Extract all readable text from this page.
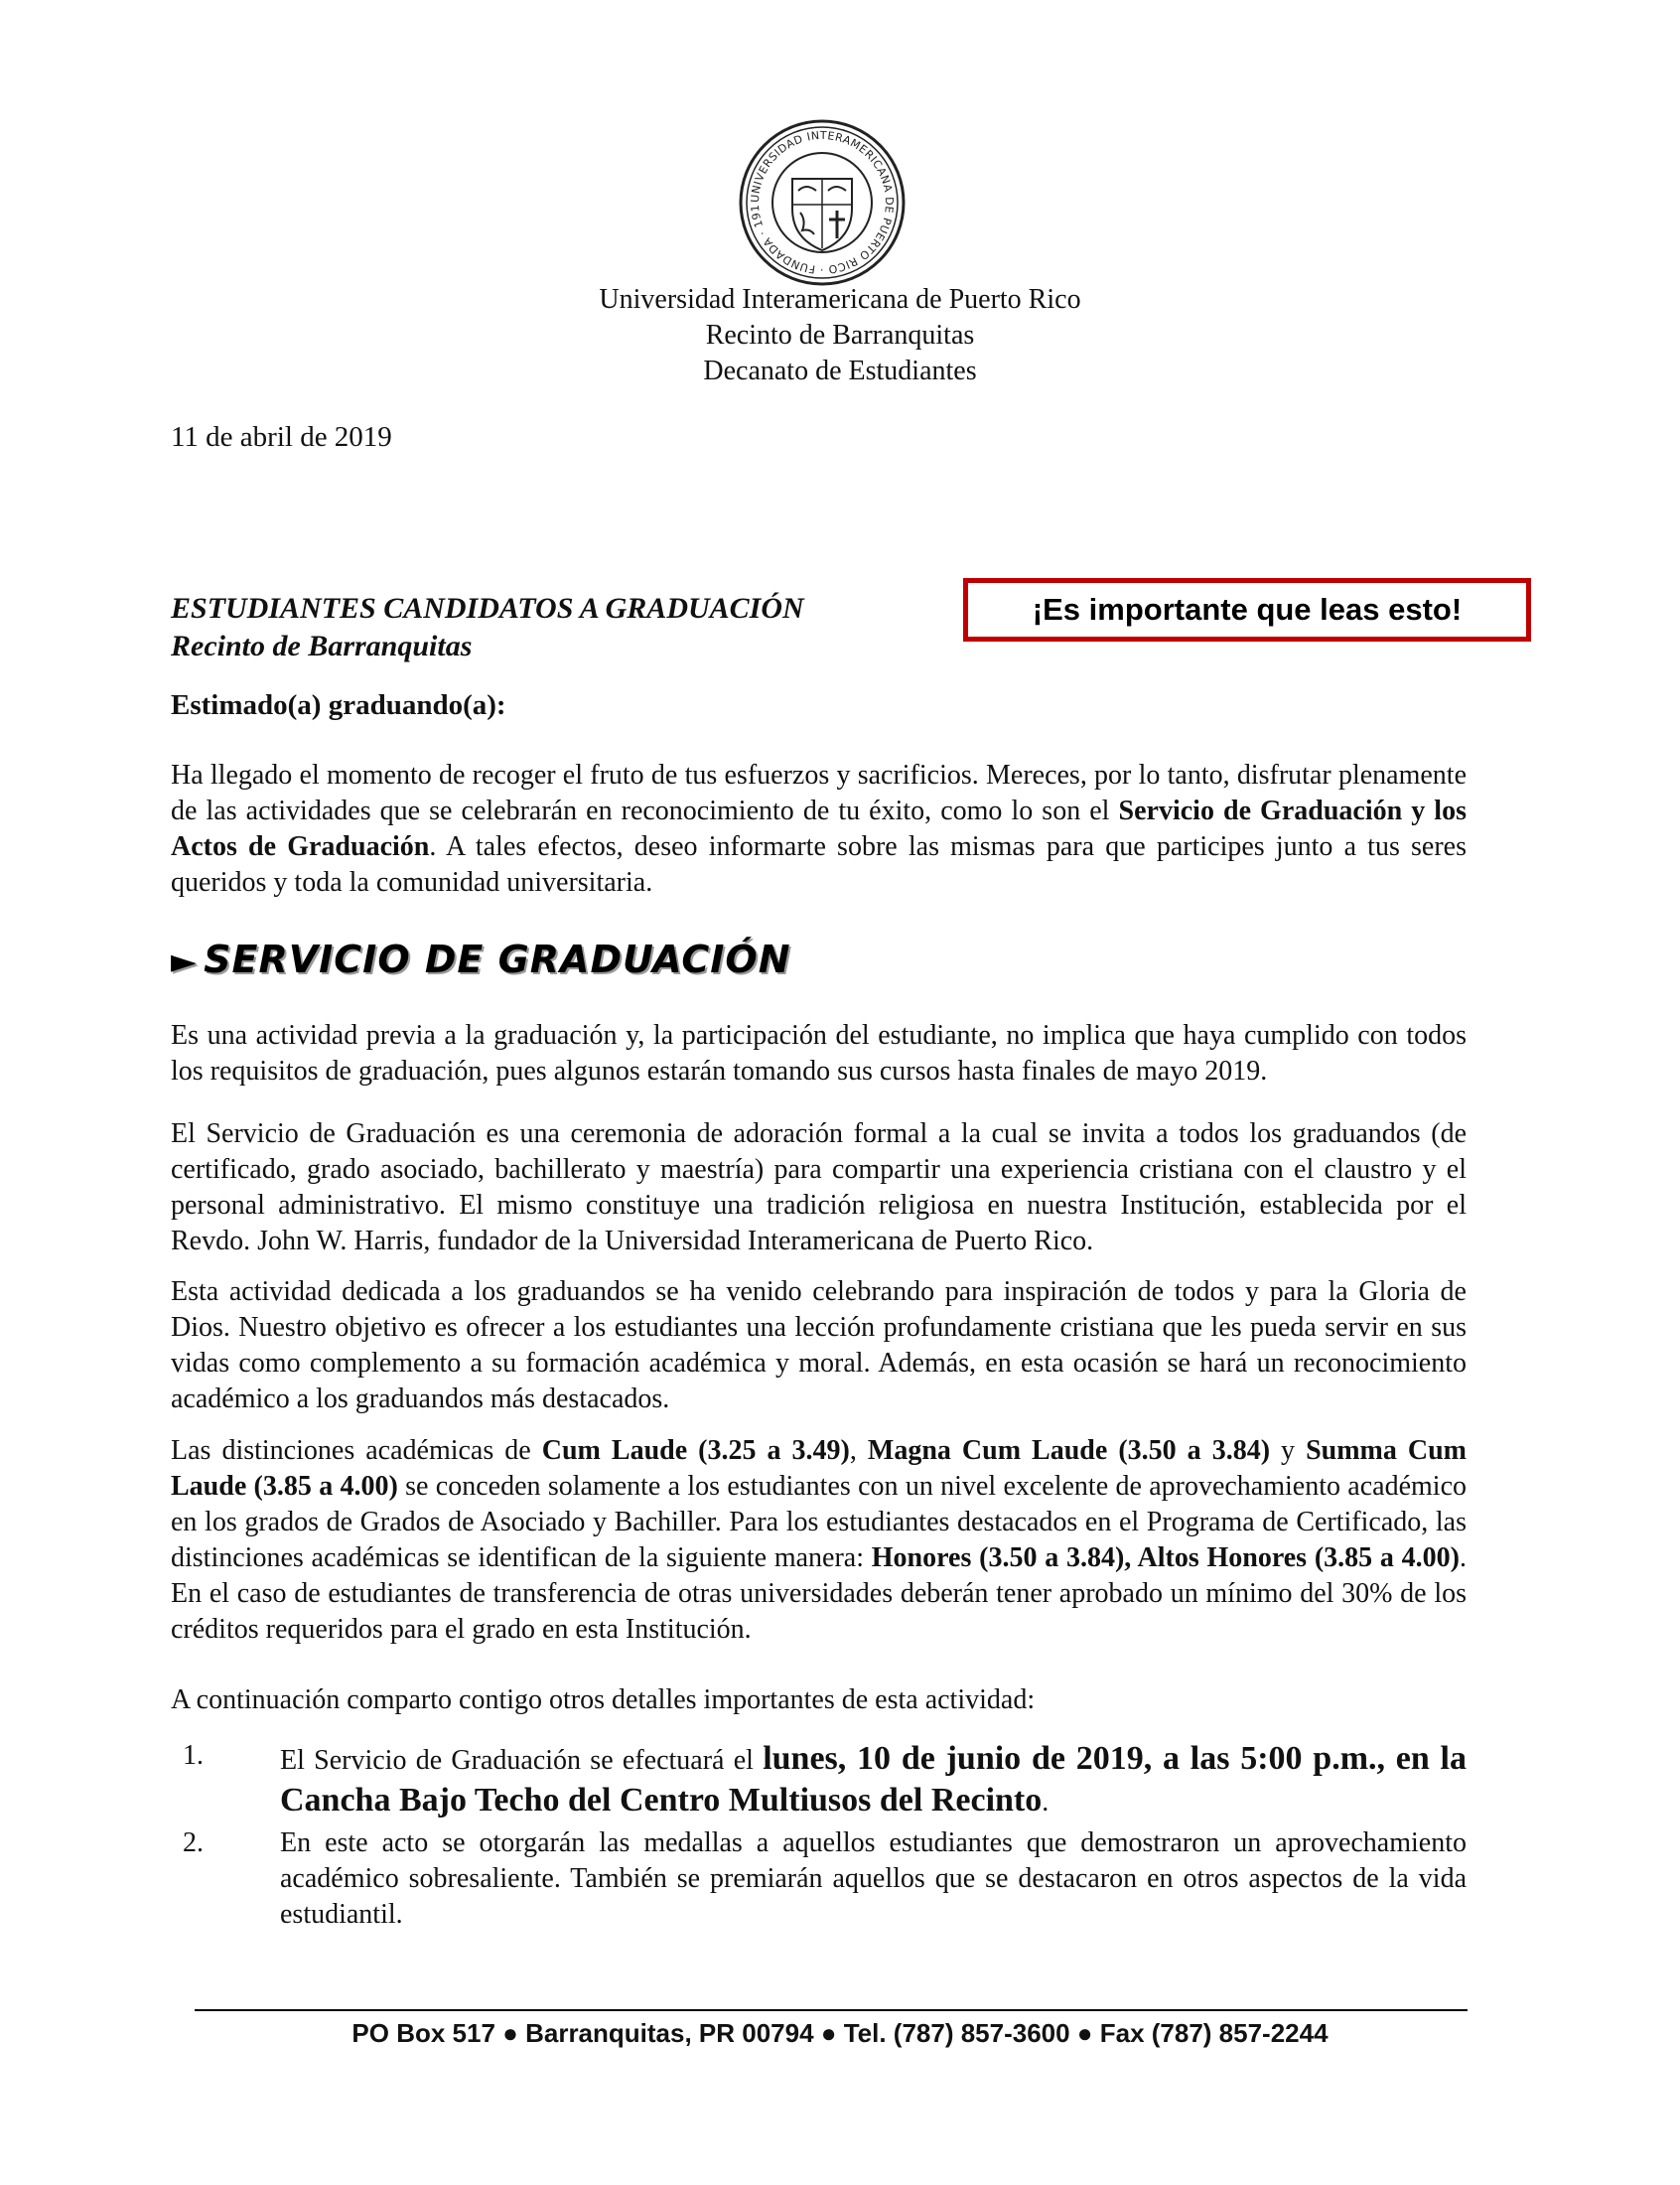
UNIVERSIDAD INTERAMERICANA DE PUERTO RICO · FUNDADA · 191
Universidad Interamericana de Puerto Rico
Recinto de Barranquitas
Decanato de Estudiantes
11 de abril de 2019
ESTUDIANTES CANDIDATOS A GRADUACIÓN
Recinto de Barranquitas
¡Es importante que leas esto!
Estimado(a) graduando(a):
Ha llegado el momento de recoger el fruto de tus esfuerzos y sacrificios. Mereces, por lo tanto, disfrutar plenamente de las actividades que se celebrarán en reconocimiento de tu éxito, como lo son el Servicio de Graduación y los Actos de Graduación. A tales efectos, deseo informarte sobre las mismas para que participes junto a tus seres queridos y toda la comunidad universitaria.
► SERVICIO DE GRADUACIÓN
Es una actividad previa a la graduación y, la participación del estudiante, no implica que haya cumplido con todos los requisitos de graduación, pues algunos estarán tomando sus cursos hasta finales de mayo 2019.
El Servicio de Graduación es una ceremonia de adoración formal a la cual se invita a todos los graduandos (de certificado, grado asociado, bachillerato y maestría) para compartir una experiencia cristiana con el claustro y el personal administrativo. El mismo constituye una tradición religiosa en nuestra Institución, establecida por el Revdo. John W. Harris, fundador de la Universidad Interamericana de Puerto Rico.
Esta actividad dedicada a los graduandos se ha venido celebrando para inspiración de todos y para la Gloria de Dios. Nuestro objetivo es ofrecer a los estudiantes una lección profundamente cristiana que les pueda servir en sus vidas como complemento a su formación académica y moral. Además, en esta ocasión se hará un reconocimiento académico a los graduandos más destacados.
Las distinciones académicas de Cum Laude (3.25 a 3.49), Magna Cum Laude (3.50 a 3.84) y Summa Cum Laude (3.85 a 4.00) se conceden solamente a los estudiantes con un nivel excelente de aprovechamiento académico en los grados de Grados de Asociado y Bachiller. Para los estudiantes destacados en el Programa de Certificado, las distinciones académicas se identifican de la siguiente manera: Honores (3.50 a 3.84), Altos Honores (3.85 a 4.00). En el caso de estudiantes de transferencia de otras universidades deberán tener aprobado un mínimo del 30% de los créditos requeridos para el grado en esta Institución.
A continuación comparto contigo otros detalles importantes de esta actividad:
1.	El Servicio de Graduación se efectuará el lunes, 10 de junio de 2019, a las 5:00 p.m., en la Cancha Bajo Techo del Centro Multiusos del Recinto.
2.	En este acto se otorgarán las medallas a aquellos estudiantes que demostraron un aprovechamiento académico sobresaliente. También se premiarán aquellos que se destacaron en otros aspectos de la vida estudiantil.
PO Box 517 ● Barranquitas, PR 00794 ● Tel. (787) 857-3600 ● Fax (787) 857-2244
